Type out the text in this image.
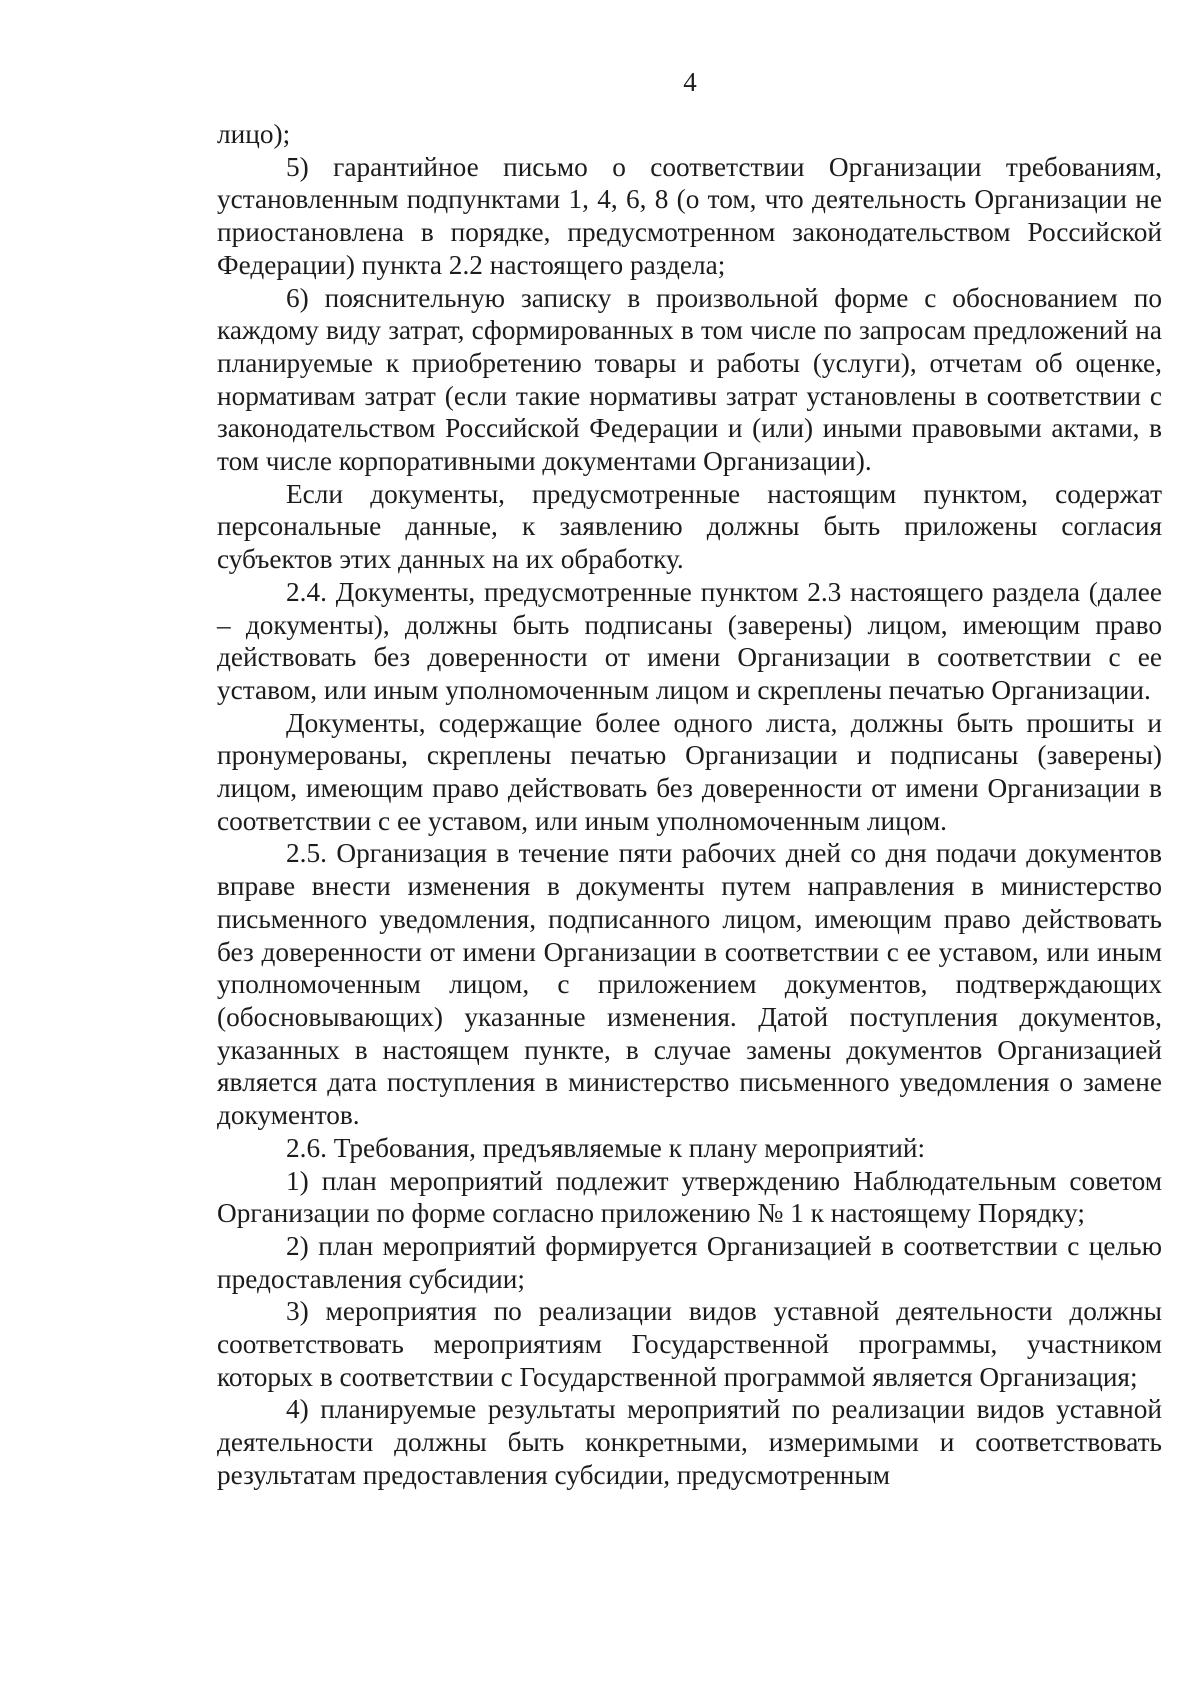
4

лицо);

5) гарантийное письмо о соответствии Организации требованиям, установленным подпунктами 1, 4, 6, 8 (о том, что деятельность Организации не приостановлена в порядке, предусмотренном законодательством Российской Федерации) пункта 2.2 настоящего раздела;

6) пояснительную записку в произвольной форме с обоснованием по каждому виду затрат, сформированных в том числе по запросам предложений на планируемые к приобретению товары и работы (услуги), отчетам об оценке, нормативам затрат (если такие нормативы затрат установлены в соответствии с законодательством Российской Федерации и (или) иными правовыми актами, в том числе корпоративными документами Организации).

Если документы, предусмотренные настоящим пунктом, содержат персональные данные, к заявлению должны быть приложены согласия субъектов этих данных на их обработку.

2.4. Документы, предусмотренные пунктом 2.3 настоящего раздела (далее – документы), должны быть подписаны (заверены) лицом, имеющим право действовать без доверенности от имени Организации в соответствии с ее уставом, или иным уполномоченным лицом и скреплены печатью Организации.

Документы, содержащие более одного листа, должны быть прошиты и пронумерованы, скреплены печатью Организации и подписаны (заверены) лицом, имеющим право действовать без доверенности от имени Организации в соответствии с ее уставом, или иным уполномоченным лицом.

2.5. Организация в течение пяти рабочих дней со дня подачи документов вправе внести изменения в документы путем направления в министерство письменного уведомления, подписанного лицом, имеющим право действовать без доверенности от имени Организации в соответствии с ее уставом, или иным уполномоченным лицом, с приложением документов, подтверждающих (обосновывающих) указанные изменения. Датой поступления документов, указанных в настоящем пункте, в случае замены документов Организацией является дата поступления в министерство письменного уведомления о замене документов.

2.6. Требования, предъявляемые к плану мероприятий:

1) план мероприятий подлежит утверждению Наблюдательным советом Организации по форме согласно приложению № 1 к настоящему Порядку;

2) план мероприятий формируется Организацией в соответствии с целью предоставления субсидии;

3) мероприятия по реализации видов уставной деятельности должны соответствовать мероприятиям Государственной программы, участником которых в соответствии с Государственной программой является Организация;

4) планируемые результаты мероприятий по реализации видов уставной деятельности должны быть конкретными, измеримыми и соответствовать результатам предоставления субсидии, предусмотренным
